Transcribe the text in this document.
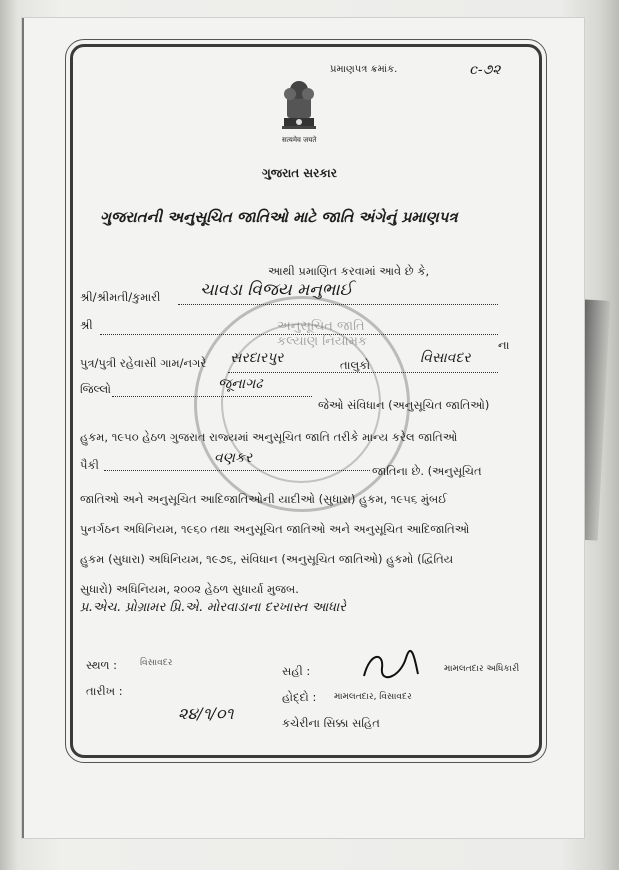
અનુસૂચિત જાતિ કલ્યાણ નિયામક
પ્રમાણપત્ર ક્રમાંક.	c-૭૨
सत्यमेव जयते
ગુજરાત સરકાર
ગુજરાતની અનુસૂચિત જાતિઓ માટે જાતિ અંગેનું પ્રમાણપત્ર
આથી પ્રમાણિત કરવામાં આવે છે કે,
શ્રી/શ્રીમતી/કુમારી ચાવડા વિજય મનુભાઈ
શ્રી
ના
પુત્ર/પુત્રી રહેવાસી ગામ/નગરે સરદારપુર	તાલુકો	વિસાવદર
જિલ્લો	જૂનાગઢ
જેઓ સંવિધાન (અનુસૂચિત જાતિઓ)
હુકમ, ૧૯૫૦ હેઠળ ગુજરાત રાજ્યમાં અનુસૂચિત જાતિ તરીકે માન્ય કરેલ જાતિઓ
પૈકી	વણકર
જાતિના છે. (અનુસૂચિત
જાતિઓ અને અનુસૂચિત આદિજાતિઓની યાદીઓ (સુધારા) હુકમ, ૧૯૫૬ મુંબઈ
પુનર્ગઠન અધિનિયમ, ૧૯૬૦ તથા અનુસૂચિત જાતિઓ અને અનુસૂચિત આદિજાતિઓ
હુકમ (સુધારા) અધિનિયમ, ૧૯૭૬, સંવિધાન (અનુસૂચિત જાતિઓ) હુકમો (દ્વિતિય
સુધારો) અધિનિયમ, ૨૦૦૨ હેઠળ સુધાર્યા મુજબ.
પ્ર.એચ. પ્રોગ્રામર પ્રિ.એ. મોરવાડાના દરખાસ્ત આધારે
સ્થળ :	વિસાવદર
તારીખ :
૨૪/૧/૦૧
સહી :	મામલતદાર અધિકારી
હોદ્દો : મામલતદાર, વિસાવદર
કચેરીના સિક્કા સહિત
